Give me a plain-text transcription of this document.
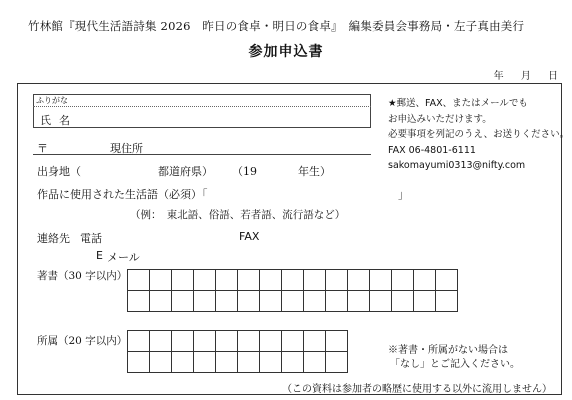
竹林館『現代生活語詩集 2026　昨日の食卓・明日の食卓』　編集委員会事務局・左子真由美行
参加申込書
年 月 日
ふりがな
氏名
〒	現住所
出身地（	都道府県） （19	年生）
作品に使用された生活語（必須）「	」
（例：　東北語、俗語、若者語、流行語など）
連絡先 電話	FAX
E メール
著書（30 字以内）

所属（20 字以内）

★郵送、FAX、またはメールでも
お申込みいただけます。
必要事項を列記のうえ、お送りください。
FAX 06-4801-6111
sakomayumi0313@nifty.com
※著書・所属がない場合は
「なし」とご記入ください。
（この資料は参加者の略歴に使用する以外に流用しません）
